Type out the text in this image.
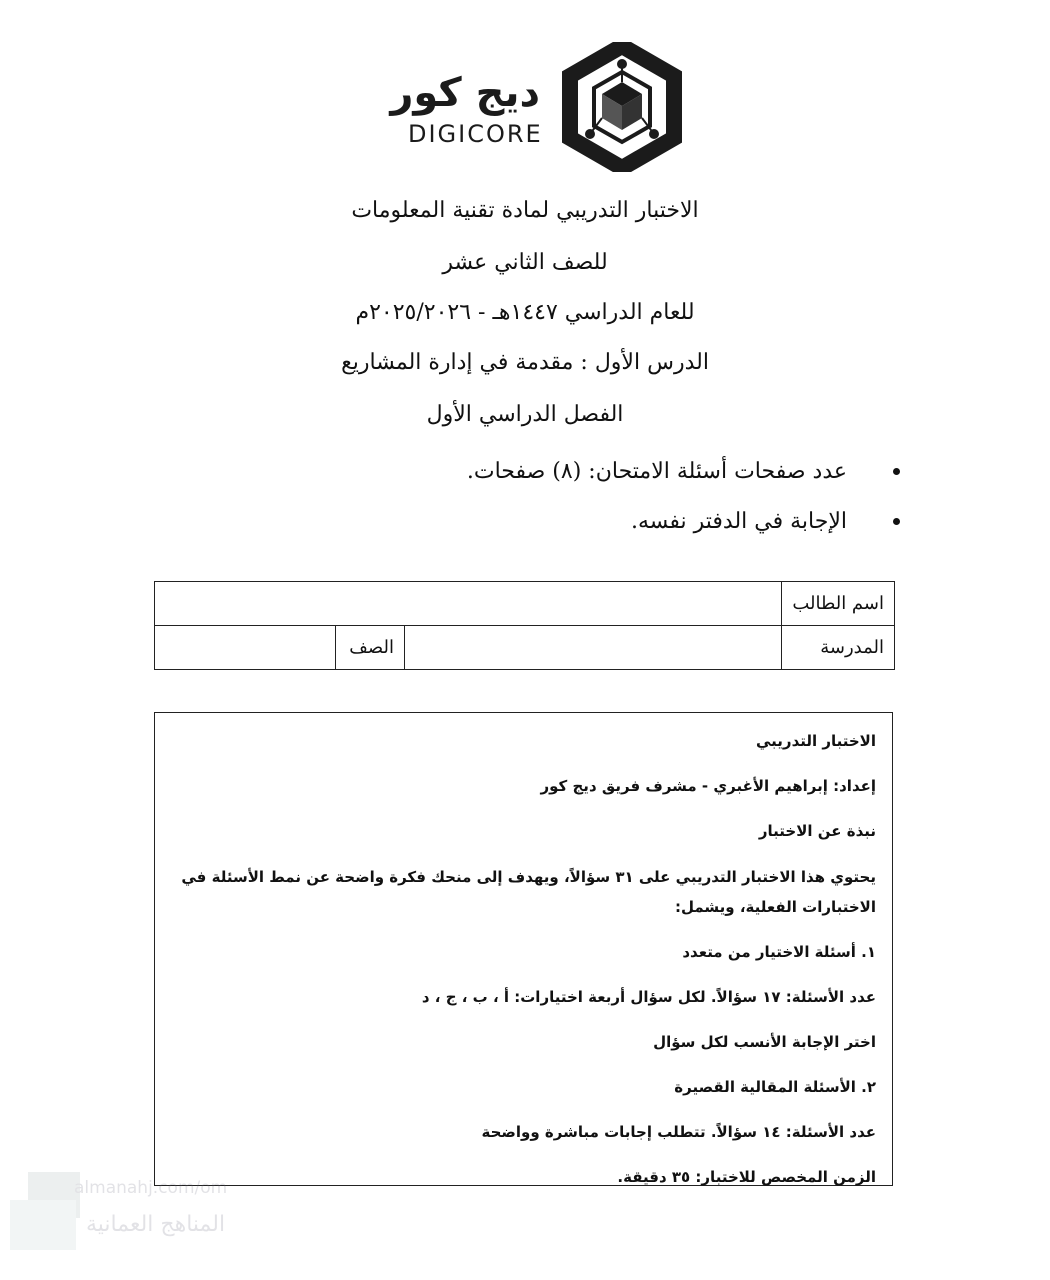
ديج كور
DIGICORE
الاختبار التدريبي لمادة تقنية المعلومات
للصف الثاني عشر
للعام الدراسي ١٤٤٧هـ - ٢٠٢٥/٢٠٢٦م
الدرس الأول : مقدمة في إدارة المشاريع
الفصل الدراسي الأول
عدد صفحات أسئلة الامتحان: (٨) صفحات.
الإجابة في الدفتر نفسه.
اسم الطالب			
المدرسة		الصف	

الاختبار التدريبي

إعداد: إبراهيم الأغبري - مشرف فريق ديج كور

نبذة عن الاختبار

يحتوي هذا الاختبار التدريبي على ٣١ سؤالاً، ويهدف إلى منحك فكرة واضحة عن نمط الأسئلة في الاختبارات الفعلية، ويشمل:

١. أسئلة الاختيار من متعدد

عدد الأسئلة: ١٧ سؤالاً. لكل سؤال أربعة اختيارات: أ ، ب ، ج ، د

اختر الإجابة الأنسب لكل سؤال

٢. الأسئلة المقالية القصيرة

عدد الأسئلة: ١٤ سؤالاً. تتطلب إجابات مباشرة وواضحة

الزمن المخصص للاختبار: ٣٥ دقيقة.

almanahj.com/om
المناهج العمانية
